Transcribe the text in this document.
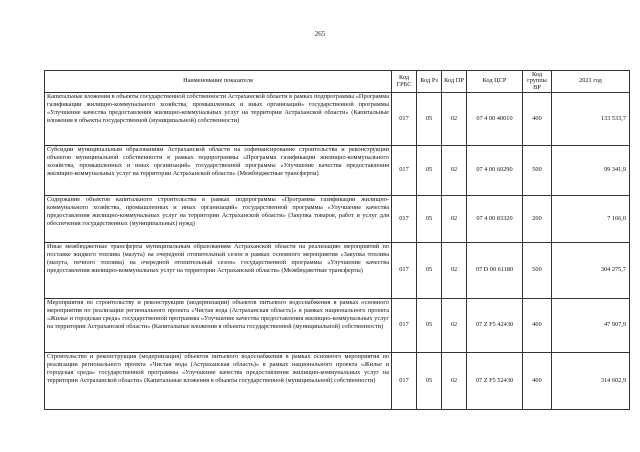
265
Наименование показателя	Код ГРБС	Код Рз	Код ПР	Код ЦСР	Код группы ВР	2021 год
Капитальные вложения в объекты государственной собственности Астраханской области в рамках подпрограммы «Программа газификации жилищно-коммунального хозяйства, промышленных и иных организаций» государственной программы «Улучшение качества предоставления жилищно-коммунальных услуг на территории Астраханской области» (Капитальные вложения в объекты государственной (муниципальной) собственности)	017	05	02	07 4 00 40010	400	133 533,7
Субсидии муниципальным образованиям Астраханской области на софинансирование строительства и реконструкции объектов муниципальной собственности в рамках подпрограммы «Программа газификации жилищно-коммунального хозяйства, промышленных и иных организаций» государственной программы «Улучшение качества предоставления жилищно-коммунальных услуг на территории Астраханской области» (Межбюджетные трансферты)	017	05	02	07 4 00 60290	500	99 341,9
Содержание объектов капитального строительства в рамках подпрограммы «Программа газификации жилищно-коммунального хозяйства, промышленных и иных организаций» государственной программы «Улучшение качества предоставления жилищно-коммунальных услуг на территории Астраханской области» (Закупка товаров, работ и услуг для обеспечения государственных (муниципальных) нужд)	017	05	02	07 4 00 83320	200	7 166,0
Иные межбюджетные трансферты муниципальным образованиям Астраханской области на реализацию мероприятий по поставке жидкого топлива (мазута) на очередной отопительный сезон в рамках основного мероприятия «Закупка топлива (мазута, печного топлива) на очередной отопительный сезон» государственной программы «Улучшение качества предоставления жилищно-коммунальных услуг на территории Астраханской области» (Межбюджетные трансферты)	017	05	02	07 D 00 61180	500	304 275,7
Мероприятия по строительству и реконструкции (модернизации) объектов питьевого водоснабжения в рамках основного мероприятия по реализации регионального проекта «Чистая вода (Астраханская область)» в рамках национального проекта «Жилье и городская среда» государственной программы «Улучшение качества предоставления жилищно-коммунальных услуг на территории Астраханской области» (Капитальные вложения в объекты государственной (муниципальной) собственности)	017	05	02	07 Z F5 42430	400	47 907,9
Строительство и реконструкция (модернизация) объектов питьевого водоснабжения в рамках основного мероприятия по реализации регионального проекта «Чистая вода (Астраханская область)» в рамках национального проекта «Жилье и городская среда» государственной программы «Улучшение качества предоставления жилищно-коммунальных услуг на территории Астраханской области» (Капитальные вложения в объекты государственной (муниципальной) собственности)	017	05	02	07 Z F5 52430	400	314 602,9
